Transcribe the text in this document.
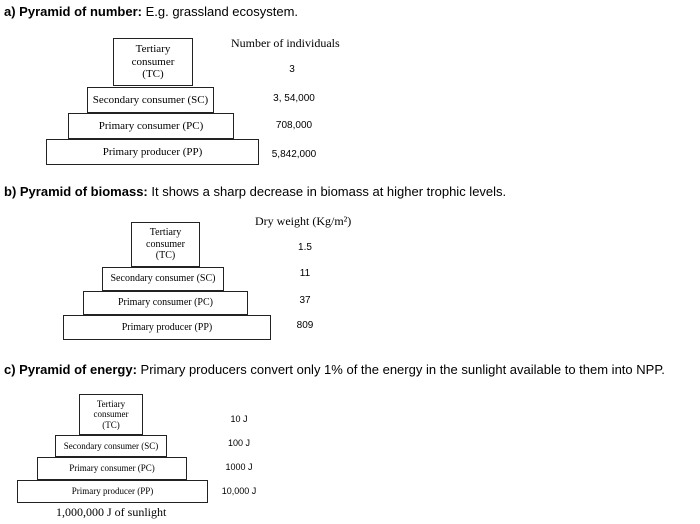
a) Pyramid of number: E.g. grassland ecosystem.
Number of individuals
Tertiary
consumer
(TC)
Secondary consumer (SC)
Primary consumer (PC)
Primary producer (PP)
3
3, 54,000
708,000
5,842,000
b) Pyramid of biomass: It shows a sharp decrease in biomass at higher trophic levels.
Dry weight (Kg/m²)
Tertiary
consumer
(TC)
Secondary consumer (SC)
Primary consumer (PC)
Primary producer (PP)
1.5
11
37
809
c) Pyramid of energy: Primary producers convert only 1% of the energy in the sunlight available to them into NPP.
Tertiary
consumer
(TC)
Secondary consumer (SC)
Primary consumer (PC)
Primary producer (PP)
10 J
100 J
1000 J
10,000 J
1,000,000 J of sunlight
